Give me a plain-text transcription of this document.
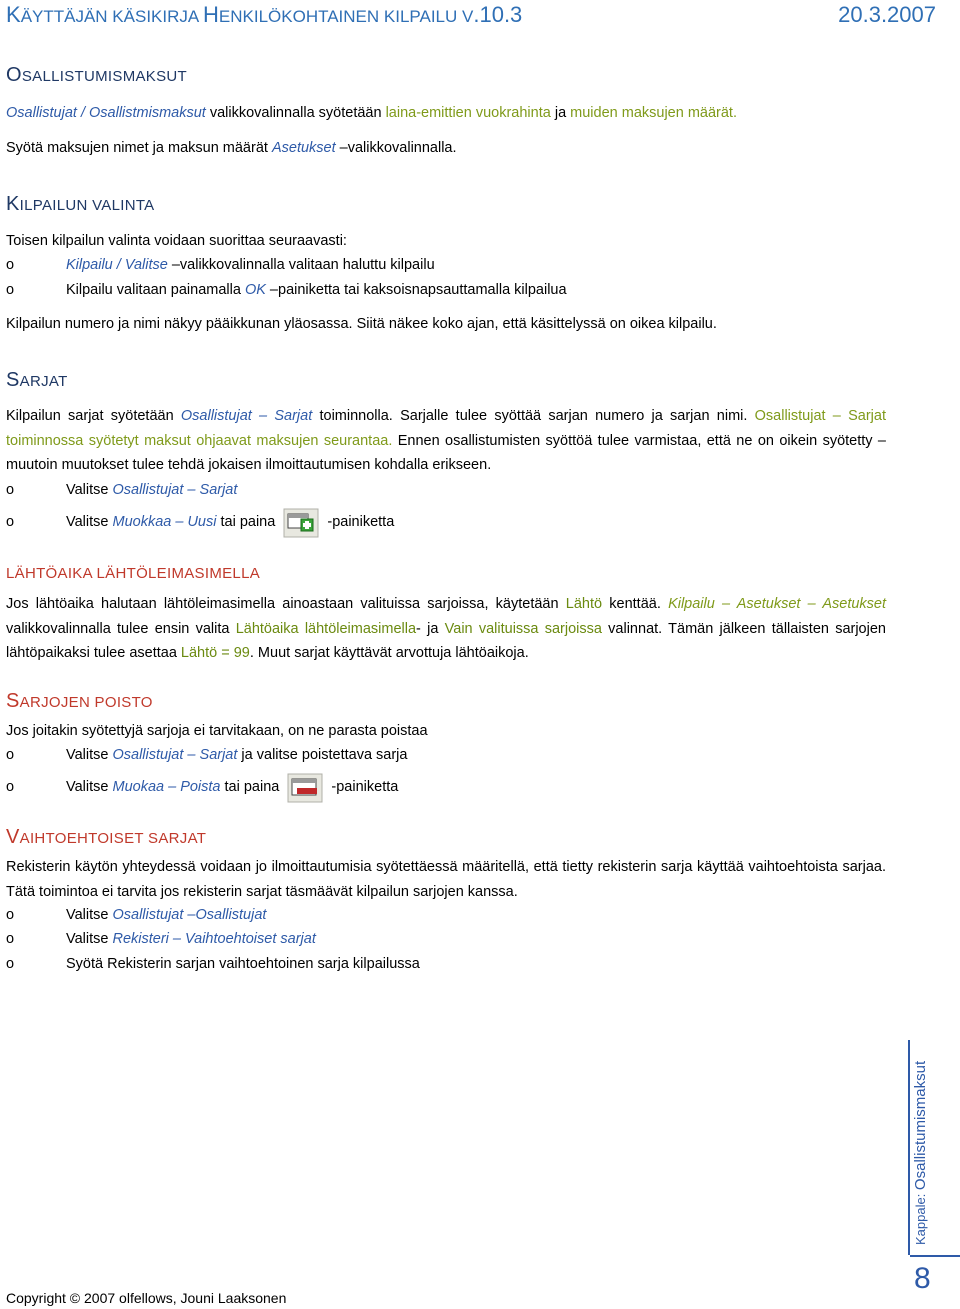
KÄYTTÄJÄN KÄSIKIRJA HENKILÖKOHTAINEN KILPAILU V.10.3	20.3.2007
OSALLISTUMISMAKSUT
Osallistujat / Osallistmismaksut valikkovalinnalla syötetään laina-emittien vuokrahinta ja muiden maksujen määrät.
Syötä maksujen nimet ja maksun määrät Asetukset –valikkovalinnalla.
KILPAILUN VALINTA
Toisen kilpailun valinta voidaan suorittaa seuraavasti:
o	Kilpailu / Valitse –valikkovalinnalla valitaan haluttu kilpailu
o	Kilpailu valitaan painamalla OK –painiketta tai kaksoisnapsauttamalla kilpailua
Kilpailun numero ja nimi näkyy pääikkunan yläosassa. Siitä näkee koko ajan, että käsittelyssä on oikea kilpailu.
SARJAT
Kilpailun sarjat syötetään Osallistujat – Sarjat toiminnolla. Sarjalle tulee syöttää sarjan numero ja sarjan nimi. Osallistujat – Sarjat toiminnossa syötetyt maksut ohjaavat maksujen seurantaa. Ennen osallistumisten syöttöä tulee varmistaa, että ne on oikein syötetty – muutoin muutokset tulee tehdä jokaisen ilmoittautumisen kohdalla erikseen.
o	Valitse Osallistujat – Sarjat
o	Valitse Muokkaa – Uusi tai paina	-painiketta
LÄHTÖAIKA LÄHTÖLEIMASIMELLA
Jos lähtöaika halutaan lähtöleimasimella ainoastaan valituissa sarjoissa, käytetään Lähtö kenttää. Kilpailu – Asetukset – Asetukset valikkovalinnalla tulee ensin valita Lähtöaika lähtöleimasimella- ja Vain valituissa sarjoissa valinnat. Tämän jälkeen tällaisten sarjojen lähtöpaikaksi tulee asettaa Lähtö = 99. Muut sarjat käyttävät arvottuja lähtöaikoja.
SARJOJEN POISTO
Jos joitakin syötettyjä sarjoja ei tarvitakaan, on ne parasta poistaa
o	Valitse Osallistujat – Sarjat ja valitse poistettava sarja
o	Valitse Muokaa – Poista tai paina	-painiketta
VAIHTOEHTOISET SARJAT
Rekisterin käytön yhteydessä voidaan jo ilmoittautumisia syötettäessä määritellä, että tietty rekisterin sarja käyttää vaihtoehtoista sarjaa. Tätä toimintoa ei tarvita jos rekisterin sarjat täsmäävät kilpailun sarjojen kanssa.
o	Valitse Osallistujat –Osallistujat
o	Valitse Rekisteri – Vaihtoehtoiset sarjat
o	Syötä Rekisterin sarjan vaihtoehtoinen sarja kilpailussa
Kappale: Osallistumismaksut
8
Copyright © 2007 olfellows, Jouni Laaksonen
